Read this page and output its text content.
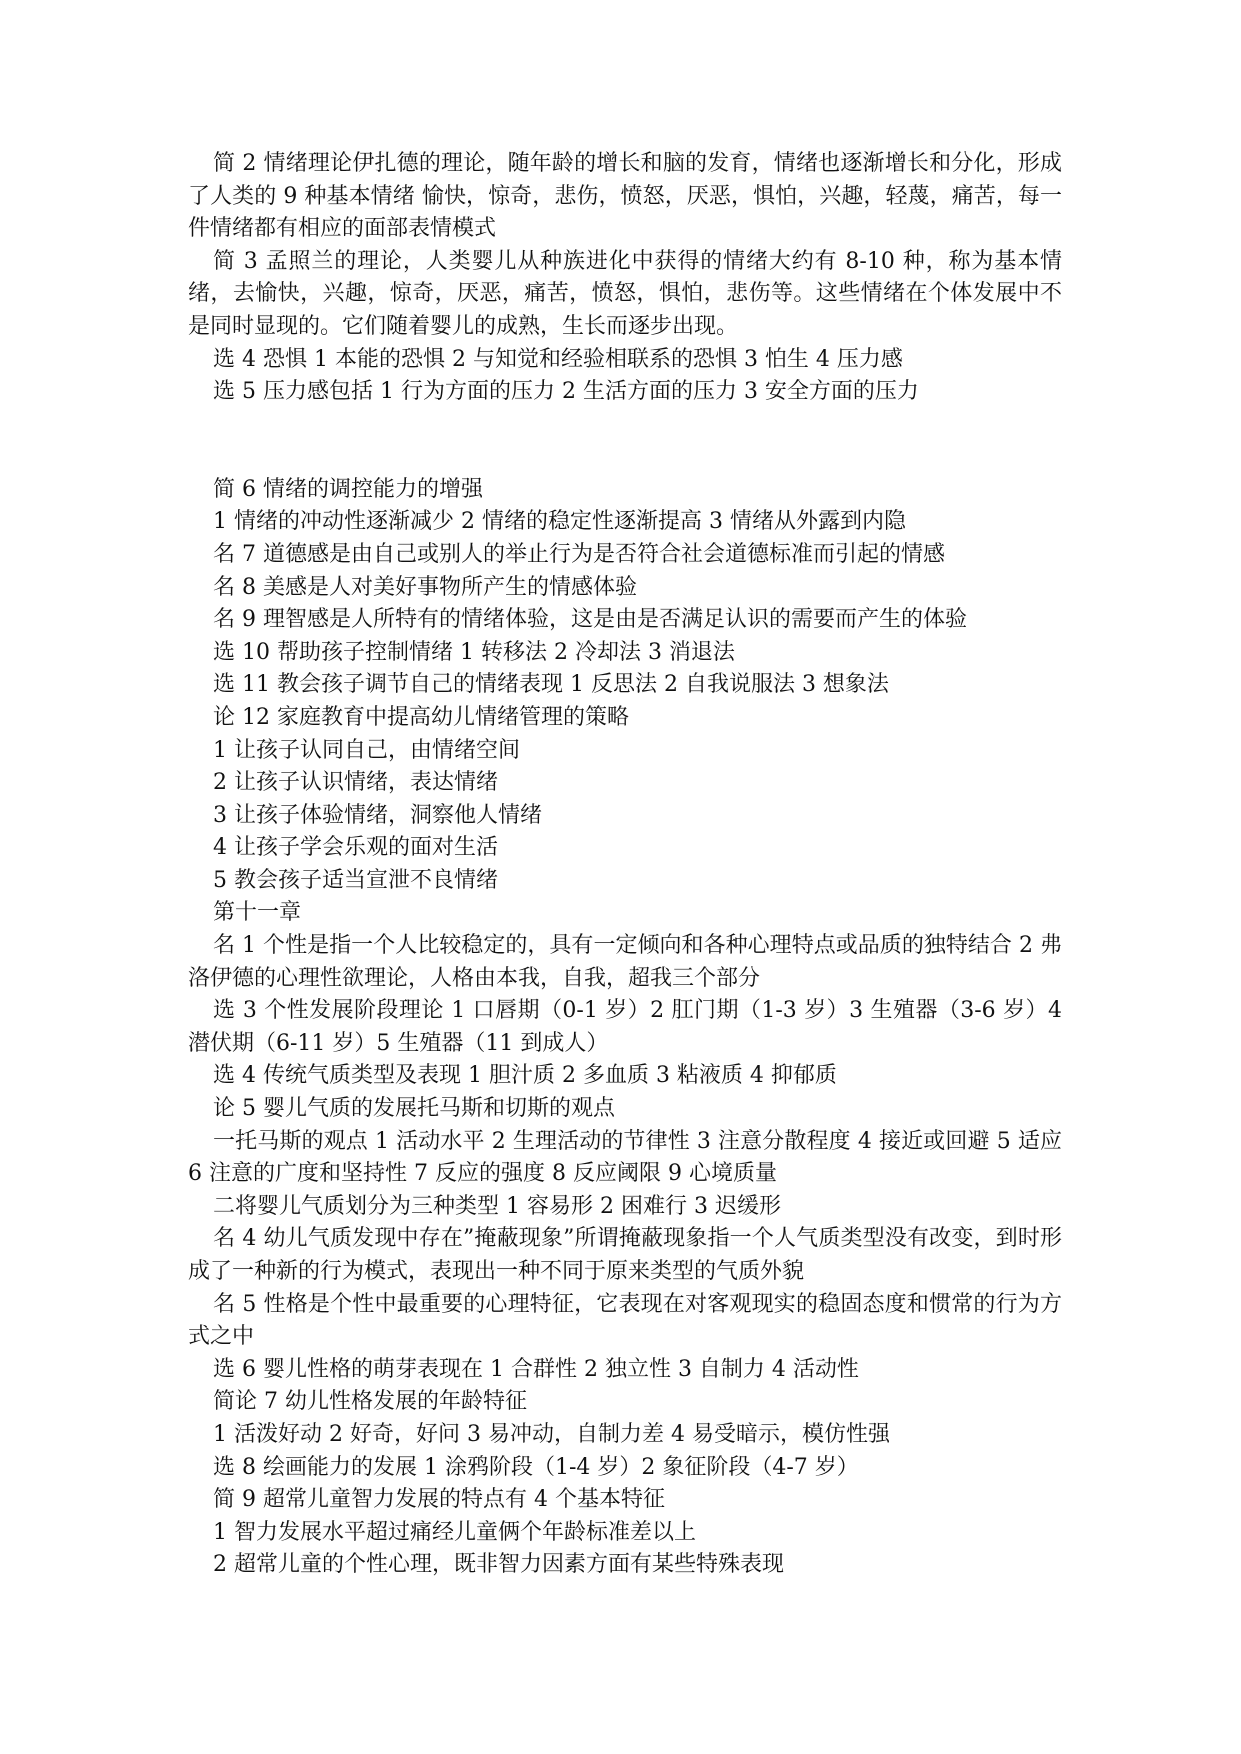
简 2 情绪理论伊扎德的理论，随年龄的增长和脑的发育，情绪也逐渐增长和分化，形成了人类的 9 种基本情绪 愉快，惊奇，悲伤，愤怒，厌恶，惧怕，兴趣，轻蔑，痛苦，每一件情绪都有相应的面部表情模式

简 3 孟照兰的理论，人类婴儿从种族进化中获得的情绪大约有 8-10 种，称为基本情绪，去愉快，兴趣，惊奇，厌恶，痛苦，愤怒，惧怕，悲伤等。这些情绪在个体发展中不是同时显现的。它们随着婴儿的成熟，生长而逐步出现。

选 4 恐惧 1 本能的恐惧 2 与知觉和经验相联系的恐惧 3 怕生 4 压力感

选 5 压力感包括 1 行为方面的压力 2 生活方面的压力 3 安全方面的压力

简 6 情绪的调控能力的增强

1 情绪的冲动性逐渐减少 2 情绪的稳定性逐渐提高 3 情绪从外露到内隐

名 7 道德感是由自己或别人的举止行为是否符合社会道德标准而引起的情感

名 8 美感是人对美好事物所产生的情感体验

名 9 理智感是人所特有的情绪体验，这是由是否满足认识的需要而产生的体验

选 10 帮助孩子控制情绪 1 转移法 2 冷却法 3 消退法

选 11 教会孩子调节自己的情绪表现 1 反思法 2 自我说服法 3 想象法

论 12 家庭教育中提高幼儿情绪管理的策略

1 让孩子认同自己，由情绪空间

2 让孩子认识情绪，表达情绪

3 让孩子体验情绪，洞察他人情绪

4 让孩子学会乐观的面对生活

5 教会孩子适当宣泄不良情绪

第十一章

名 1 个性是指一个人比较稳定的，具有一定倾向和各种心理特点或品质的独特结合 2 弗洛伊德的心理性欲理论，人格由本我，自我，超我三个部分

选 3 个性发展阶段理论 1 口唇期（0-1 岁）2 肛门期（1-3 岁）3 生殖器（3-6 岁）4 潜伏期（6-11 岁）5 生殖器（11 到成人）

选 4 传统气质类型及表现 1 胆汁质 2 多血质 3 粘液质 4 抑郁质

论 5 婴儿气质的发展托马斯和切斯的观点

一托马斯的观点 1 活动水平 2 生理活动的节律性 3 注意分散程度 4 接近或回避 5 适应 6 注意的广度和坚持性 7 反应的强度 8 反应阈限 9 心境质量

二将婴儿气质划分为三种类型 1 容易形 2 困难行 3 迟缓形

名 4 幼儿气质发现中存在”掩蔽现象”所谓掩蔽现象指一个人气质类型没有改变，到时形成了一种新的行为模式，表现出一种不同于原来类型的气质外貌

名 5 性格是个性中最重要的心理特征，它表现在对客观现实的稳固态度和惯常的行为方式之中

选 6 婴儿性格的萌芽表现在 1 合群性 2 独立性 3 自制力 4 活动性

简论 7 幼儿性格发展的年龄特征

1 活泼好动 2 好奇，好问 3 易冲动，自制力差 4 易受暗示，模仿性强

选 8 绘画能力的发展 1 涂鸦阶段（1-4 岁）2 象征阶段（4-7 岁）

简 9 超常儿童智力发展的特点有 4 个基本特征

1 智力发展水平超过痛经儿童俩个年龄标准差以上

2 超常儿童的个性心理，既非智力因素方面有某些特殊表现
